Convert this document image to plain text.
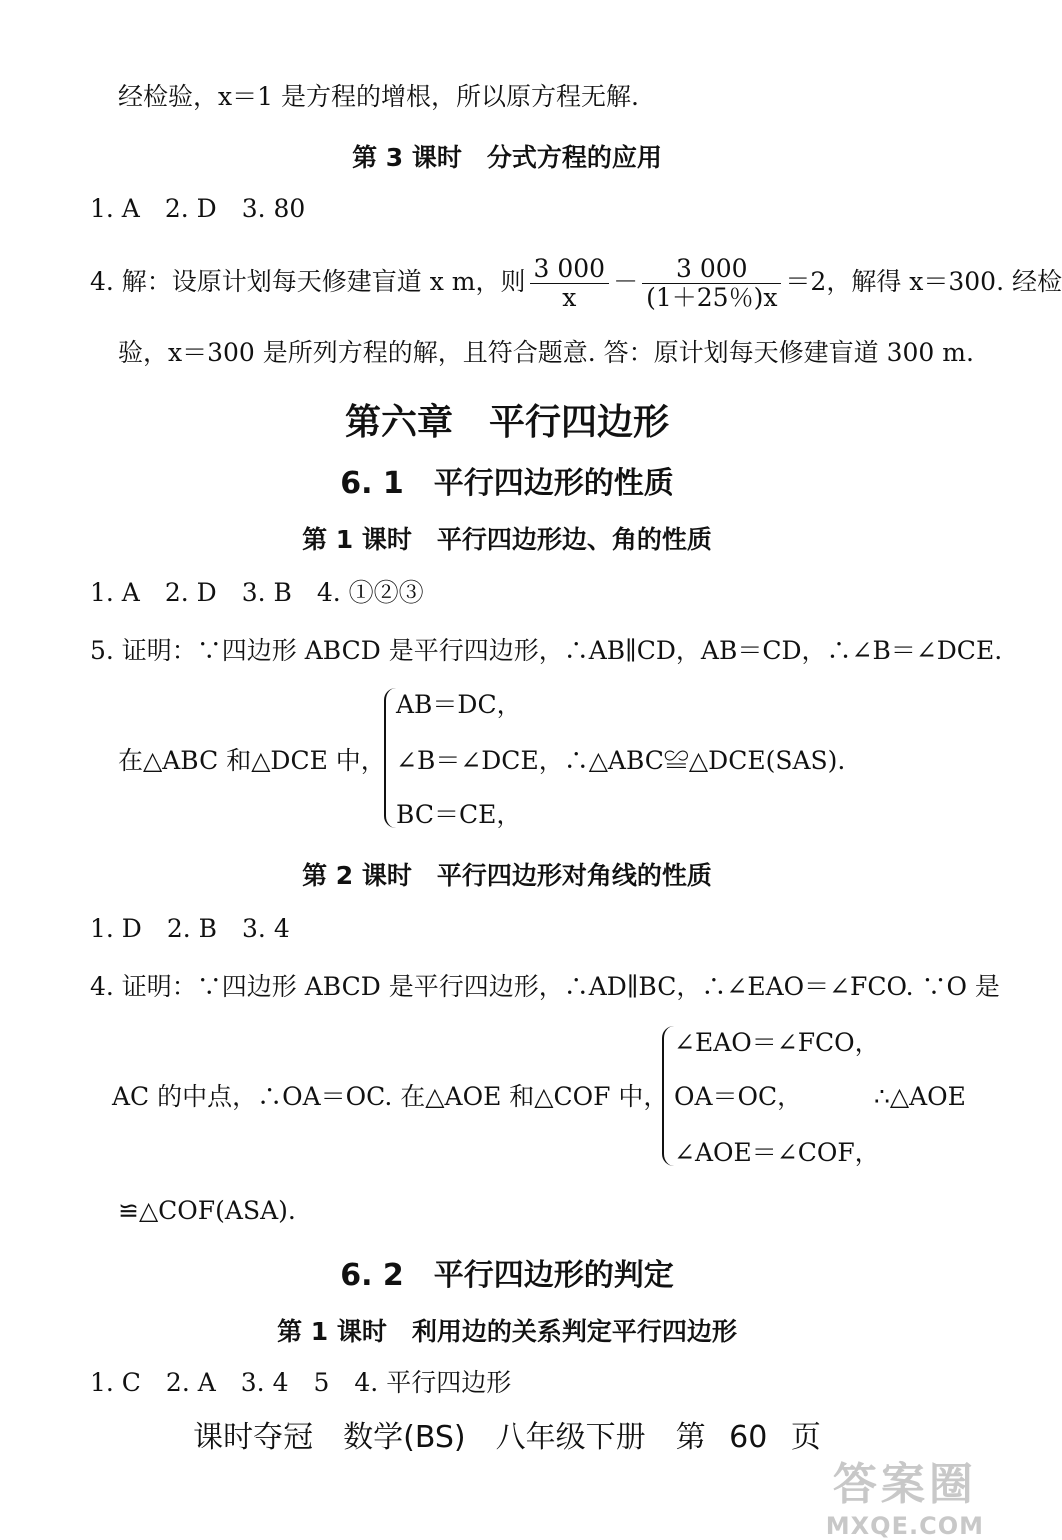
经检验，x＝1 是方程的增根，所以原方程无解.
第 3 课时　分式方程的应用
1. A　2. D　3. 80
4. 解：设原计划每天修建盲道 x m，则 $\frac{3 000}{x} - \frac{3 000}{(1+25\%)x} =2$，解得 x＝300. 经检
验，x＝300 是所列方程的解，且符合题意. 答：原计划每天修建盲道 300 m.
第六章　平行四边形
6. 1　平行四边形的性质
第 1 课时　平行四边形边、角的性质
1. A　2. D　3. B　4. ①②③
5. 证明：∵四边形 ABCD 是平行四边形，∴AB∥CD，AB＝CD，∴∠B＝∠DCE.
在△ABC 和△DCE 中，
AB＝DC，
∠B＝∠DCE，∴△ABC≌△DCE(SAS).
BC＝CE，
第 2 课时　平行四边形对角线的性质
1. D　2. B　3. 4
4. 证明：∵四边形 ABCD 是平行四边形，∴AD∥BC，∴∠EAO＝∠FCO. ∵O 是
AC 的中点，∴OA＝OC. 在△AOE 和△COF 中，
∠EAO＝∠FCO，
OA＝OC，
∠AOE＝∠COF，
∴△AOE
≌△COF(ASA).
6. 2　平行四边形的判定
第 1 课时　利用边的关系判定平行四边形
1. C　2. A　3. 4　5　4. 平行四边形
课时夺冠　数学(BS)　八年级下册　第 60 页
答案圈
MXQE.COM
